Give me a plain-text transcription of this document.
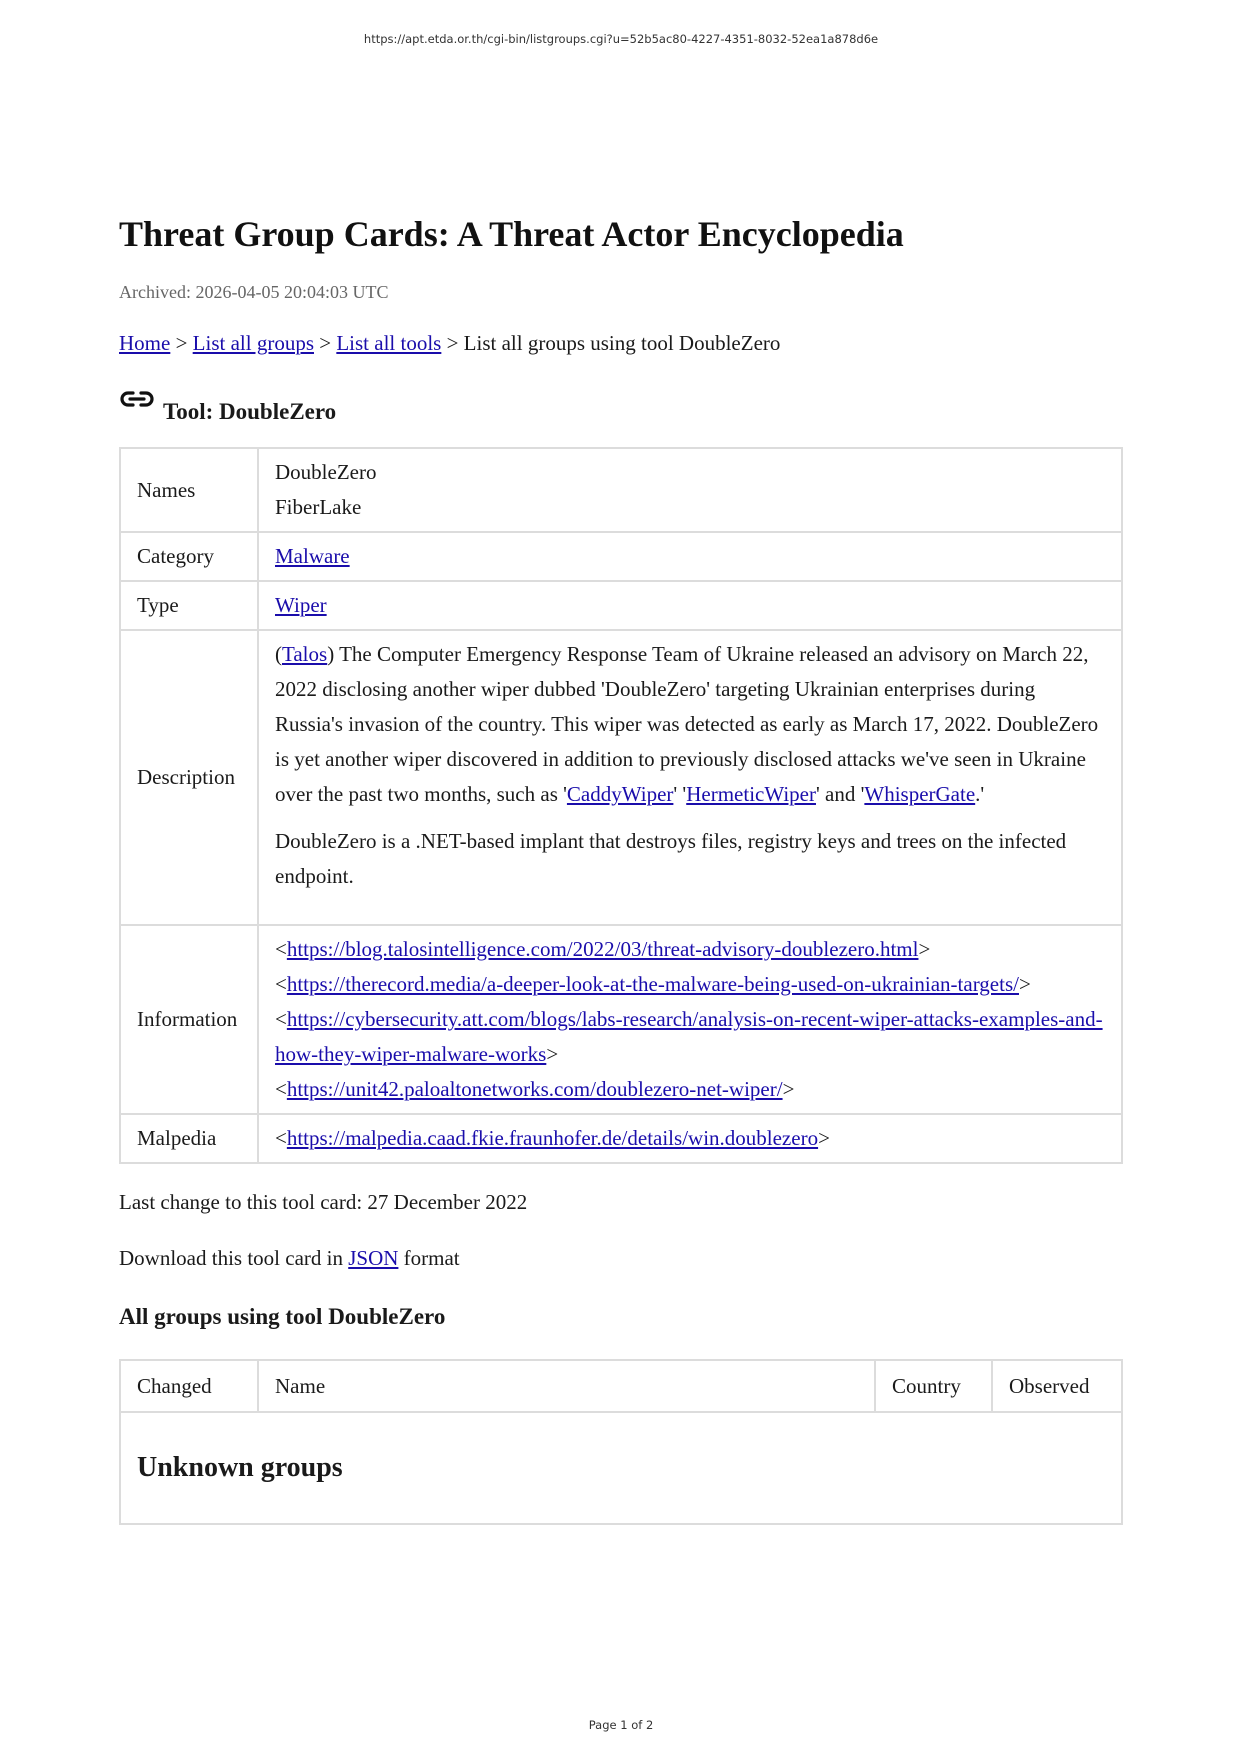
https://apt.etda.or.th/cgi-bin/listgroups.cgi?u=52b5ac80-4227-4351-8032-52ea1a878d6e
Threat Group Cards: A Threat Actor Encyclopedia
Archived: 2026-04-05 20:04:03 UTC
Home > List all groups > List all tools > List all groups using tool DoubleZero
Tool: DoubleZero
Names	DoubleZero
FiberLake

Category	Malware
Type	Wiper
Description	(Talos) The Computer Emergency Response Team of Ukraine released an advisory on March 22, 2022 disclosing another wiper dubbed 'DoubleZero' targeting Ukrainian enterprises during Russia's invasion of the country. This wiper was detected as early as March 17, 2022. DoubleZero is yet another wiper discovered in addition to previously disclosed attacks we've seen in Ukraine over the past two months, such as 'CaddyWiper' 'HermeticWiper' and 'WhisperGate.'

DoubleZero is a .NET-based implant that destroys files, registry keys and trees on the infected endpoint.

Information	<https://blog.talosintelligence.com/2022/03/threat-advisory-doublezero.html>
<https://therecord.media/a-deeper-look-at-the-malware-being-used-on-ukrainian-targets/>
<https://cybersecurity.att.com/blogs/labs-research/analysis-on-recent-wiper-attacks-examples-and-how-they-wiper-malware-works>
<https://unit42.paloaltonetworks.com/doublezero-net-wiper/>

Malpedia	<https://malpedia.caad.fkie.fraunhofer.de/details/win.doublezero>
Last change to this tool card: 27 December 2022
Download this tool card in JSON format
All groups using tool DoubleZero
Changed	Name	Country	Observed
Unknown groups
Page 1 of 2
